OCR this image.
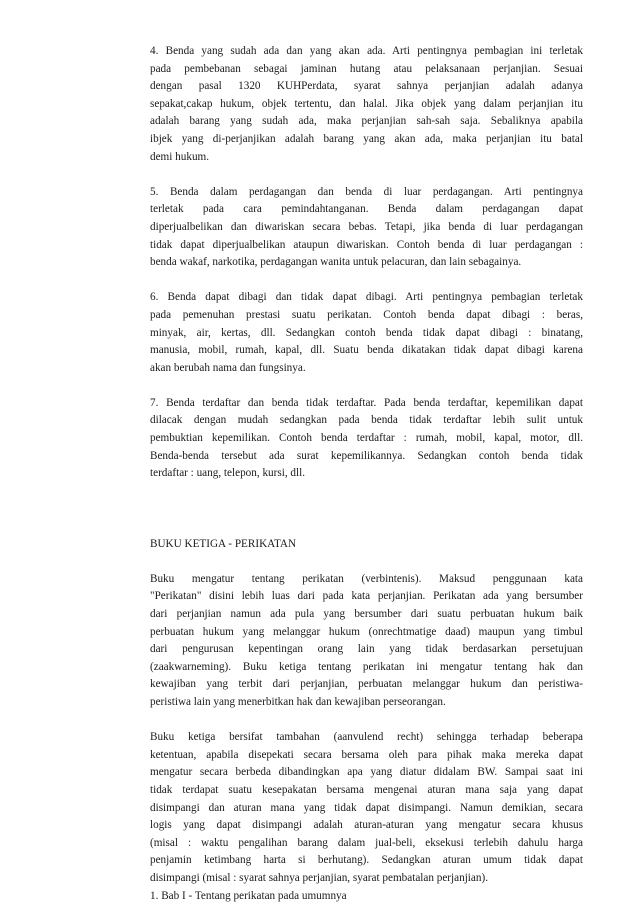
4. Benda yang sudah ada dan yang akan ada. Arti pentingnya pembagian ini terletak
pada pembebanan sebagai jaminan hutang atau pelaksanaan perjanjian. Sesuai
dengan pasal 1320 KUHPerdata, syarat sahnya perjanjian adalah adanya
sepakat,cakap hukum, objek tertentu, dan halal. Jika objek yang dalam perjanjian itu
adalah barang yang sudah ada, maka perjanjian sah-sah saja. Sebaliknya apabila
ibjek yang di-perjanjikan adalah barang yang akan ada, maka perjanjian itu batal
demi hukum.
5. Benda dalam perdagangan dan benda di luar perdagangan. Arti pentingnya
terletak pada cara pemindahtanganan. Benda dalam perdagangan dapat
diperjualbelikan dan diwariskan secara bebas. Tetapi, jika benda di luar perdagangan
tidak dapat diperjualbelikan ataupun diwariskan. Contoh benda di luar perdagangan :
benda wakaf, narkotika, perdagangan wanita untuk pelacuran, dan lain sebagainya.
6. Benda dapat dibagi dan tidak dapat dibagi. Arti pentingnya pembagian terletak
pada pemenuhan prestasi suatu perikatan. Contoh benda dapat dibagi : beras,
minyak, air, kertas, dll. Sedangkan contoh benda tidak dapat dibagi : binatang,
manusia, mobil, rumah, kapal, dll. Suatu benda dikatakan tidak dapat dibagi karena
akan berubah nama dan fungsinya.
7. Benda terdaftar dan benda tidak terdaftar. Pada benda terdaftar, kepemilikan dapat
dilacak dengan mudah sedangkan pada benda tidak terdaftar lebih sulit untuk
pembuktian kepemilikan. Contoh benda terdaftar : rumah, mobil, kapal, motor, dll.
Benda-benda tersebut ada surat kepemilikannya. Sedangkan contoh benda tidak
terdaftar : uang, telepon, kursi, dll.
BUKU KETIGA - PERIKATAN
Buku mengatur tentang perikatan (verbintenis). Maksud penggunaan kata
"Perikatan" disini lebih luas dari pada kata perjanjian. Perikatan ada yang bersumber
dari perjanjian namun ada pula yang bersumber dari suatu perbuatan hukum baik
perbuatan hukum yang melanggar hukum (onrechtmatige daad) maupun yang timbul
dari pengurusan kepentingan orang lain yang tidak berdasarkan persetujuan
(zaakwarneming). Buku ketiga tentang perikatan ini mengatur tentang hak dan
kewajiban yang terbit dari perjanjian, perbuatan melanggar hukum dan peristiwa-
peristiwa lain yang menerbitkan hak dan kewajiban perseorangan.
Buku ketiga bersifat tambahan (aanvulend recht) sehingga terhadap beberapa
ketentuan, apabila disepekati secara bersama oleh para pihak maka mereka dapat
mengatur secara berbeda dibandingkan apa yang diatur didalam BW. Sampai saat ini
tidak terdapat suatu kesepakatan bersama mengenai aturan mana saja yang dapat
disimpangi dan aturan mana yang tidak dapat disimpangi. Namun demikian, secara
logis yang dapat disimpangi adalah aturan-aturan yang mengatur secara khusus
(misal : waktu pengalihan barang dalam jual-beli, eksekusi terlebih dahulu harga
penjamin ketimbang harta si berhutang). Sedangkan aturan umum tidak dapat
disimpangi (misal : syarat sahnya perjanjian, syarat pembatalan perjanjian).
1. Bab I - Tentang perikatan pada umumnya
